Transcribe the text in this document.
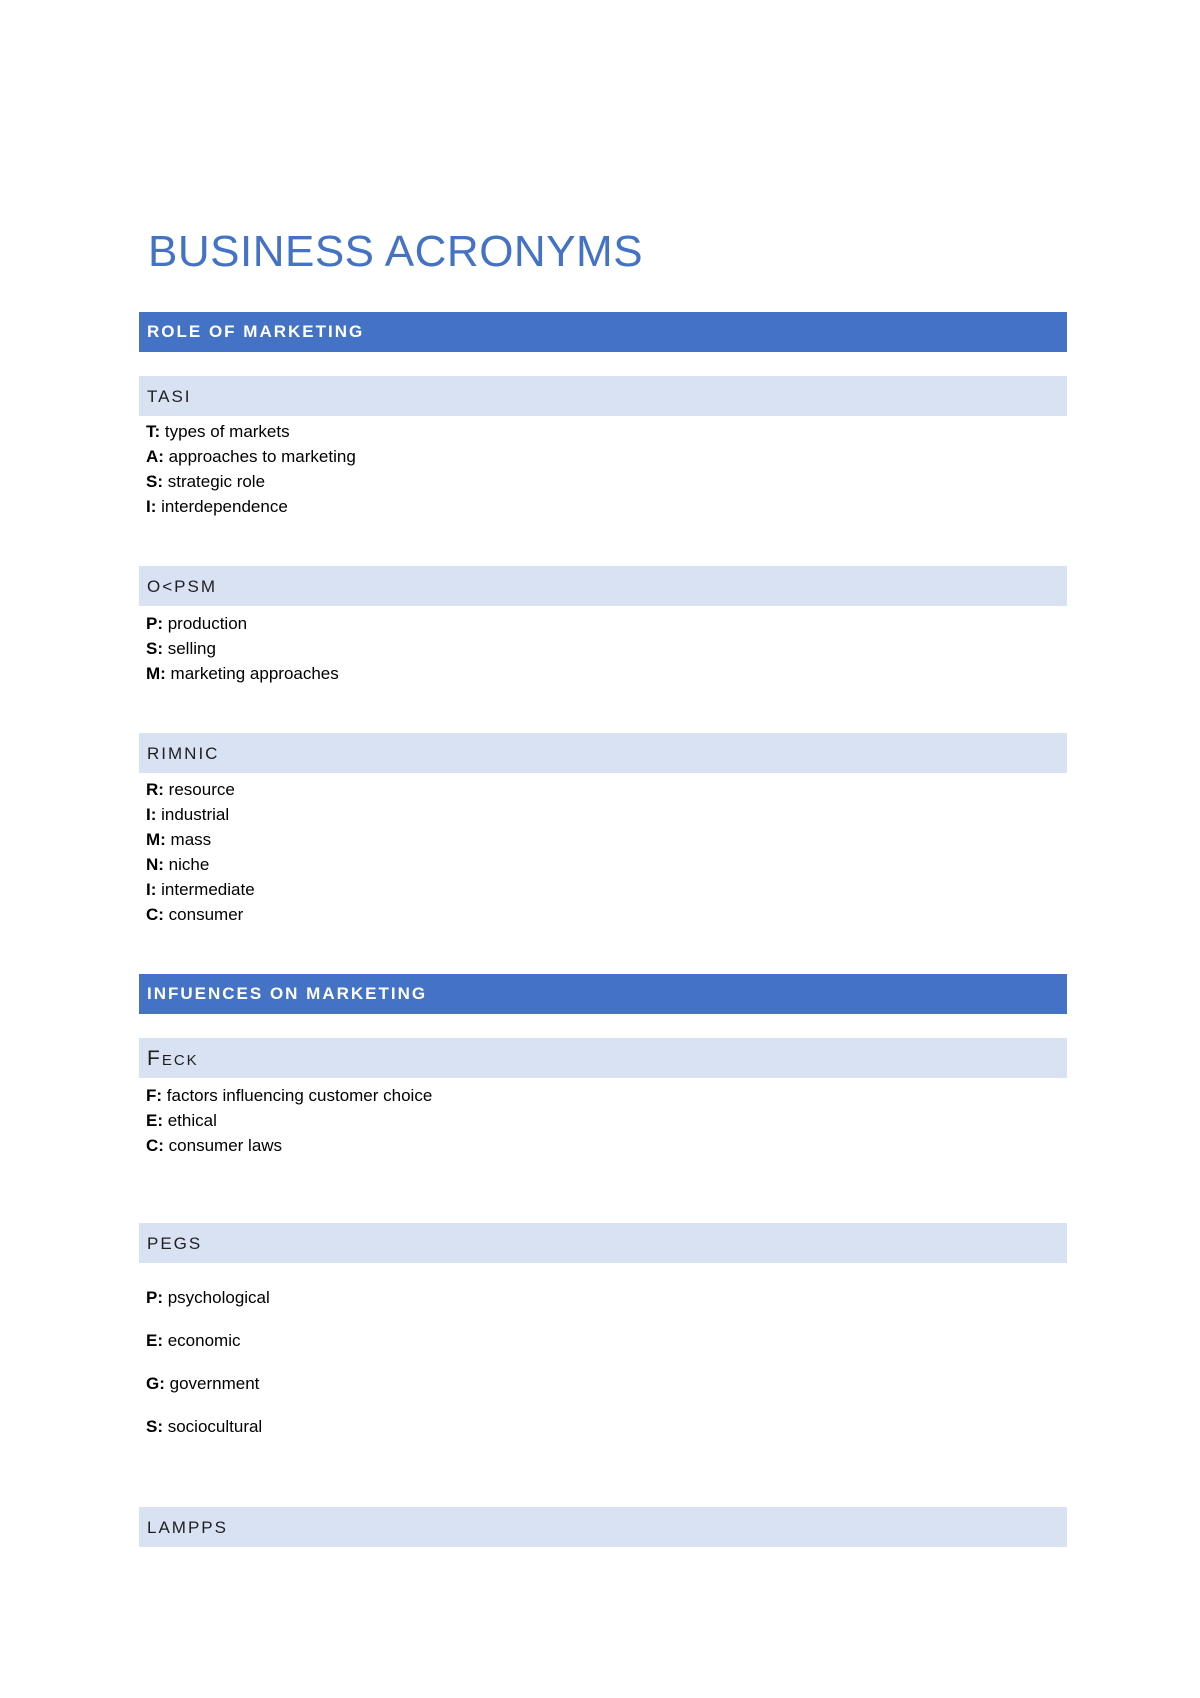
BUSINESS ACRONYMS
ROLE OF MARKETING
TASI
T: types of markets
A: approaches to marketing
S: strategic role
I: interdependence
O<PSM
P: production
S: selling
M: marketing approaches
RIMNIC
R: resource
I: industrial
M: mass
N: niche
I: intermediate
C: consumer
INFUENCES ON MARKETING
Feck
F: factors influencing customer choice
E: ethical
C: consumer laws
PEGS
P: psychological
E: economic
G: government
S: sociocultural
LAMPPS
